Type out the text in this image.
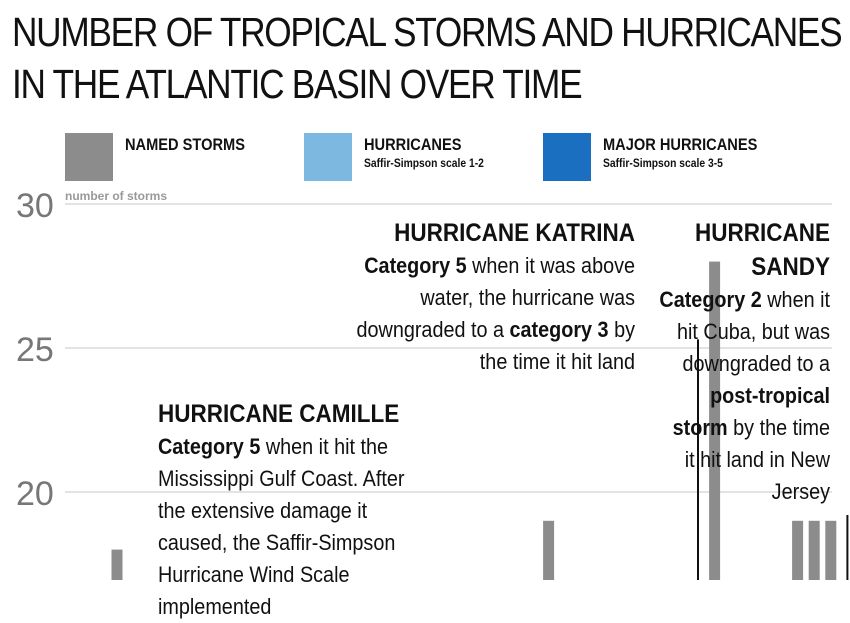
NUMBER OF TROPICAL STORMS AND HURRICANES
IN THE ATLANTIC BASIN OVER TIME
NAMED STORMS	HURRICANES
Saffir-Simpson scale 1-2
MAJOR HURRICANES
Saffir-Simpson scale 3-5
20
25
30 number of storms
HURRICANE CAMILLE

Category 5 when it hit the Mississippi Gulf Coast. After the extensive damage it caused, the Saffir-Simpson Hurricane Wind Scale implemented

HURRICANE KATRINA

Category 5 when it was above water, the hurricane was downgraded to a category 3 by the time it hit land

HURRICANE SANDY

Category 2 when it hit Cuba, but was downgraded to a post-tropical storm by the time it hit land in New Jersey
